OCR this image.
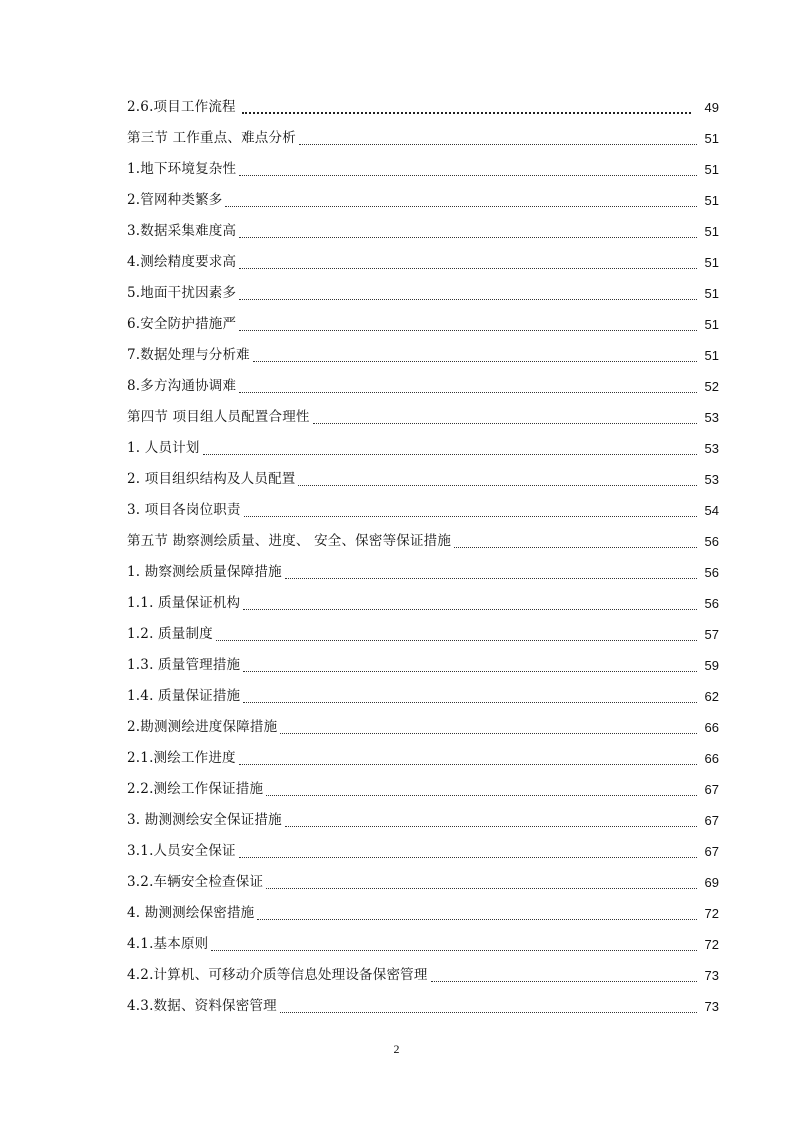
2.6.项目工作流程	49
第三节 工作重点、难点分析	51
1.地下环境复杂性	51
2.管网种类繁多	51
3.数据采集难度高	51
4.测绘精度要求高	51
5.地面干扰因素多	51
6.安全防护措施严	51
7.数据处理与分析难	51
8.多方沟通协调难	52
第四节 项目组人员配置合理性	53
1. 人员计划	53
2. 项目组织结构及人员配置	53
3. 项目各岗位职责	54
第五节 勘察测绘质量、进度、 安全、保密等保证措施	56
1. 勘察测绘质量保障措施	56
1.1. 质量保证机构	56
1.2. 质量制度	57
1.3. 质量管理措施	59
1.4. 质量保证措施	62
2.勘测测绘进度保障措施	66
2.1.测绘工作进度	66
2.2.测绘工作保证措施	67
3. 勘测测绘安全保证措施	67
3.1.人员安全保证	67
3.2.车辆安全检查保证	69
4. 勘测测绘保密措施	72
4.1.基本原则	72
4.2.计算机、可移动介质等信息处理设备保密管理	73
4.3.数据、资料保密管理	73
2
